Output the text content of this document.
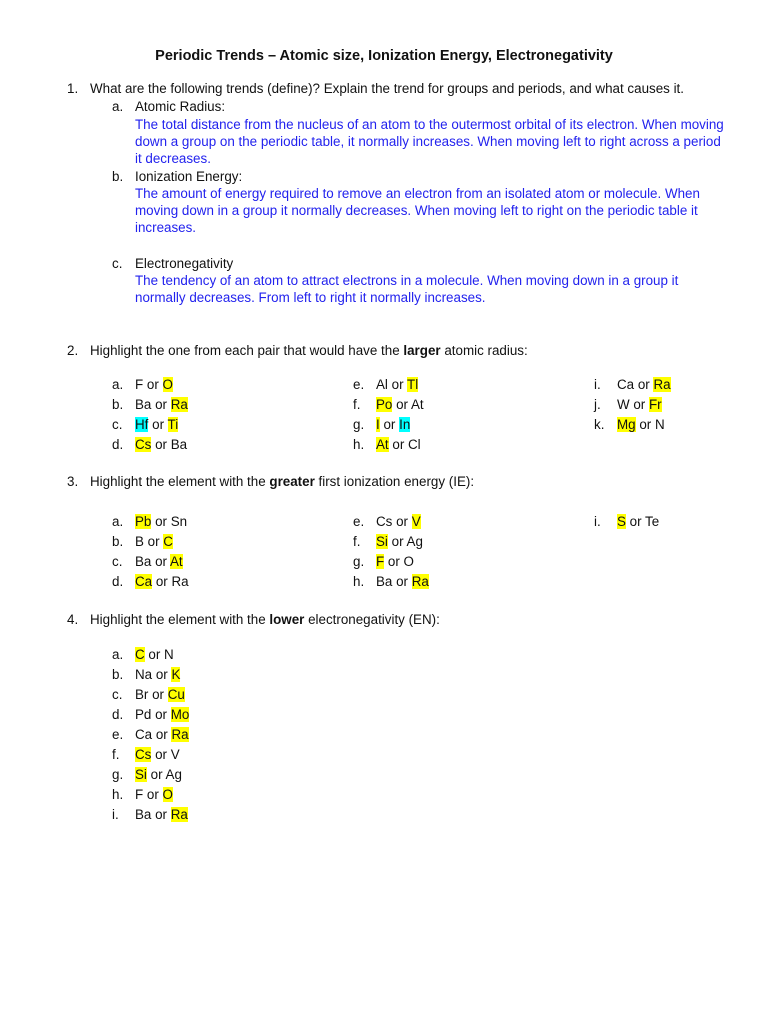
Periodic Trends – Atomic size, Ionization Energy, Electronegativity
1. What are the following trends (define)? Explain the trend for groups and periods, and what causes it.
a. Atomic Radius:
The total distance from the nucleus of an atom to the outermost orbital of its electron. When moving
down a group on the periodic table, it normally increases. When moving left to right across a period
it decreases.
b. Ionization Energy:
The amount of energy required to remove an electron from an isolated atom or molecule. When
moving down in a group it normally decreases. When moving left to right on the periodic table it
increases.
c. Electronegativity
The tendency of an atom to attract electrons in a molecule. When moving down in a group it
normally decreases. From left to right it normally increases.
2. Highlight the one from each pair that would have the larger atomic radius:
3. Highlight the element with the greater first ionization energy (IE):
4. Highlight the element with the lower electronegativity (EN):
a. F or O
b. Ba or Ra
c. Hf or Ti
d. Cs or Ba
e. Al or Tl
f.	Po or At
g. I or In
h. At or Cl
i.	Ca or Ra
j.	W or Fr
k. Mg or N
a. Pb or Sn
b. B or C
c. Ba or At
d. Ca or Ra
e. Cs or V
f.	Si or Ag
g. F or O
h. Ba or Ra
i.	S or Te
a. C or N
b. Na or K
c. Br or Cu
d. Pd or Mo
e. Ca or Ra
f.	Cs or V
g. Si or Ag
h. F or O
i.	Ba or Ra
